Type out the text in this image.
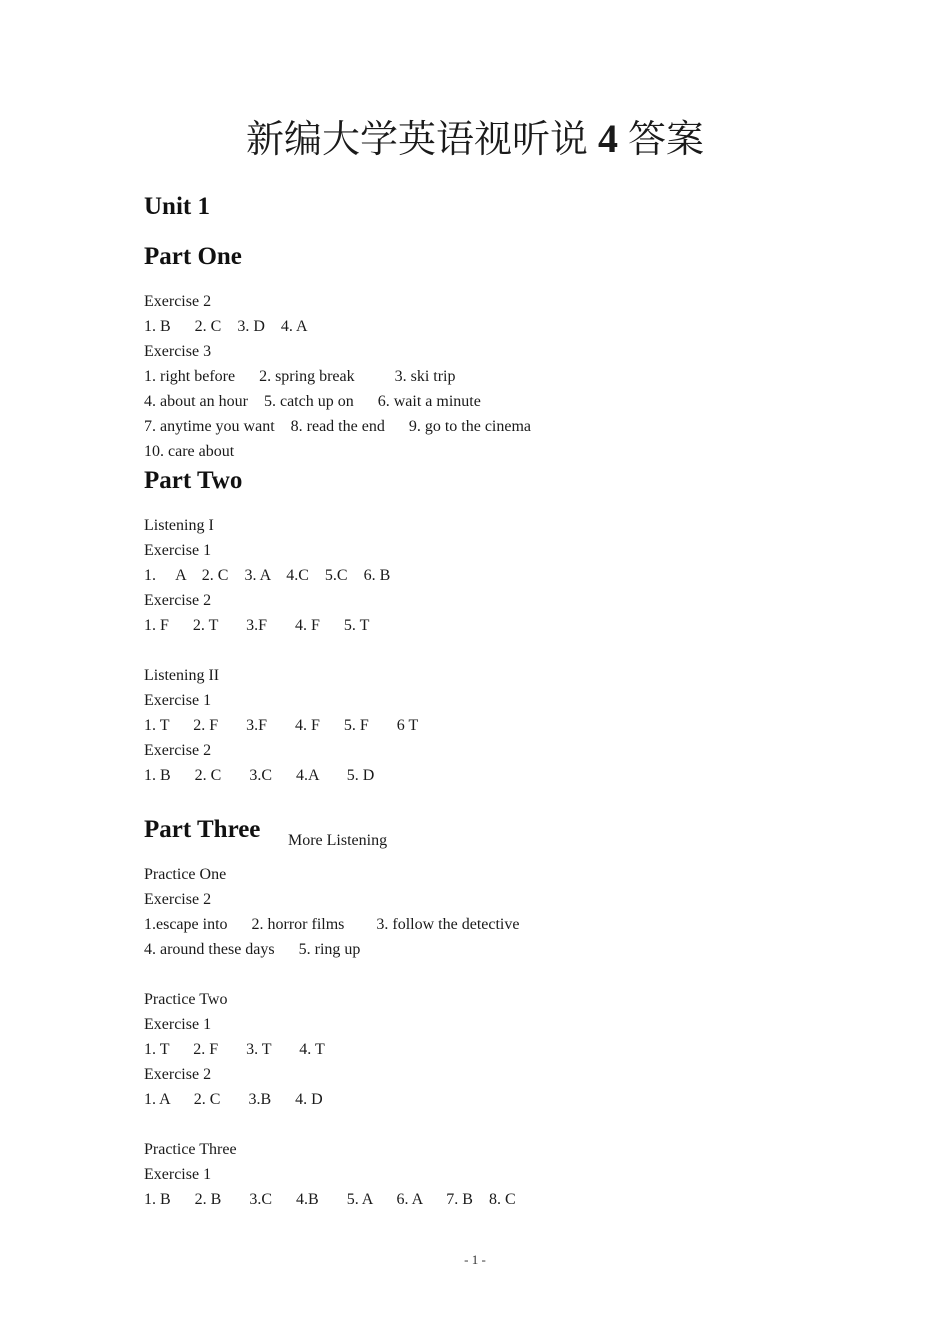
新编大学英语视听说 4 答案
Unit 1
Part One
Exercise 2
1. B      2. C    3. D    4. A
Exercise 3
1. right before      2. spring break          3. ski trip
4. about an hour    5. catch up on      6. wait a minute
7. anytime you want    8. read the end      9. go to the cinema
10. care about
Part Two
Listening I
Exercise 1
1.     A    2. C    3. A    4.C    5.C    6. B
Exercise 2
1. F      2. T       3.F       4. F      5. T
Listening II
Exercise 1
1. T      2. F       3.F       4. F      5. F       6 T
Exercise 2
1. B      2. C       3.C      4.A       5. D
Part Three More Listening
Practice One
Exercise 2
1.escape into      2. horror films        3. follow the detective
4. around these days      5. ring up
Practice Two
Exercise 1
1. T      2. F       3. T       4. T
Exercise 2
1. A      2. C       3.B      4. D
Practice Three
Exercise 1
1. B      2. B       3.C      4.B       5. A      6. A      7. B    8. C
- 1 -
